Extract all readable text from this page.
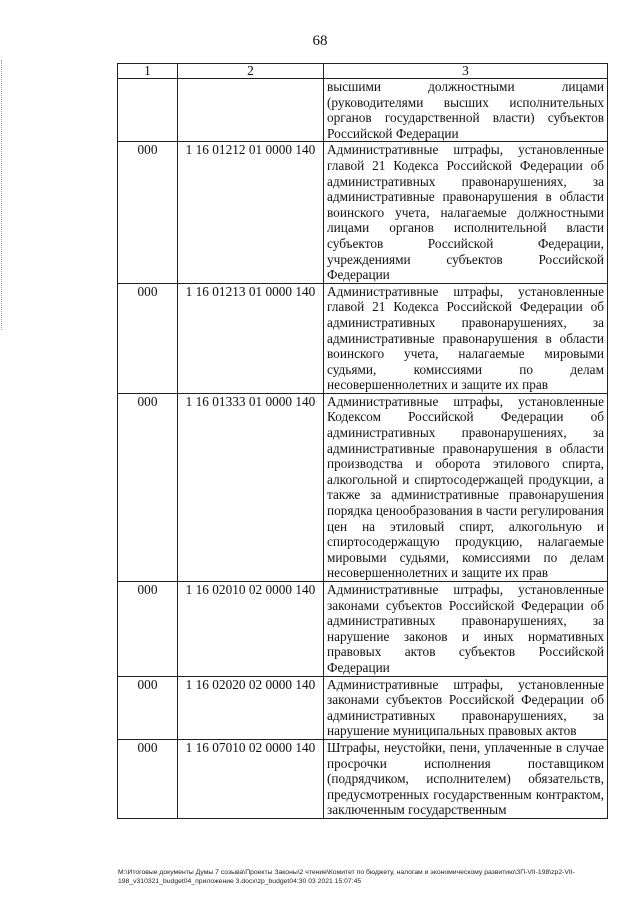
68
1	2	3
		высшими должностными лицами (руководителями высших исполнительных органов государственной власти) субъектов Российской Федерации
000	1 16 01212 01 0000 140	Административные штрафы, установленные главой 21 Кодекса Российской Федерации об административных правонарушениях, за административные правонарушения в области воинского учета, налагаемые должностными лицами органов исполнительной власти субъектов Российской Федерации, учреждениями субъектов Российской Федерации
000	1 16 01213 01 0000 140	Административные штрафы, установленные главой 21 Кодекса Российской Федерации об административных правонарушениях, за административные правонарушения в области воинского учета, налагаемые мировыми судьями, комиссиями по делам несовершеннолетних и защите их прав
000	1 16 01333 01 0000 140	Административные штрафы, установленные Кодексом Российской Федерации об административных правонарушениях, за административные правонарушения в области производства и оборота этилового спирта, алкогольной и спиртосодержащей продукции, а также за административные правонарушения порядка ценообразования в части регулирования цен на этиловый спирт, алкогольную и спиртосодержащую продукцию, налагаемые мировыми судьями, комиссиями по делам несовершеннолетних и защите их прав
000	1 16 02010 02 0000 140	Административные штрафы, установленные законами субъектов Российской Федерации об административных правонарушениях, за нарушение законов и иных нормативных правовых актов субъектов Российской Федерации
000	1 16 02020 02 0000 140	Административные штрафы, установленные законами субъектов Российской Федерации об административных правонарушениях, за нарушение муниципальных правовых актов
000	1 16 07010 02 0000 140	Штрафы, неустойки, пени, уплаченные в случае просрочки исполнения поставщиком (подрядчиком, исполнителем) обязательств, предусмотренных государственным контрактом, заключенным государственным
M:\Итоговые документы Думы 7 созыва\Проекты Законы\2 чтение\Комитет по бюджету, налогам и экономическому развитию\ЗП-VII-198\zp2-VII-198_v310321_budget04_приложение 3.docx\zp_budget04:30 03 2021 15:07:45
